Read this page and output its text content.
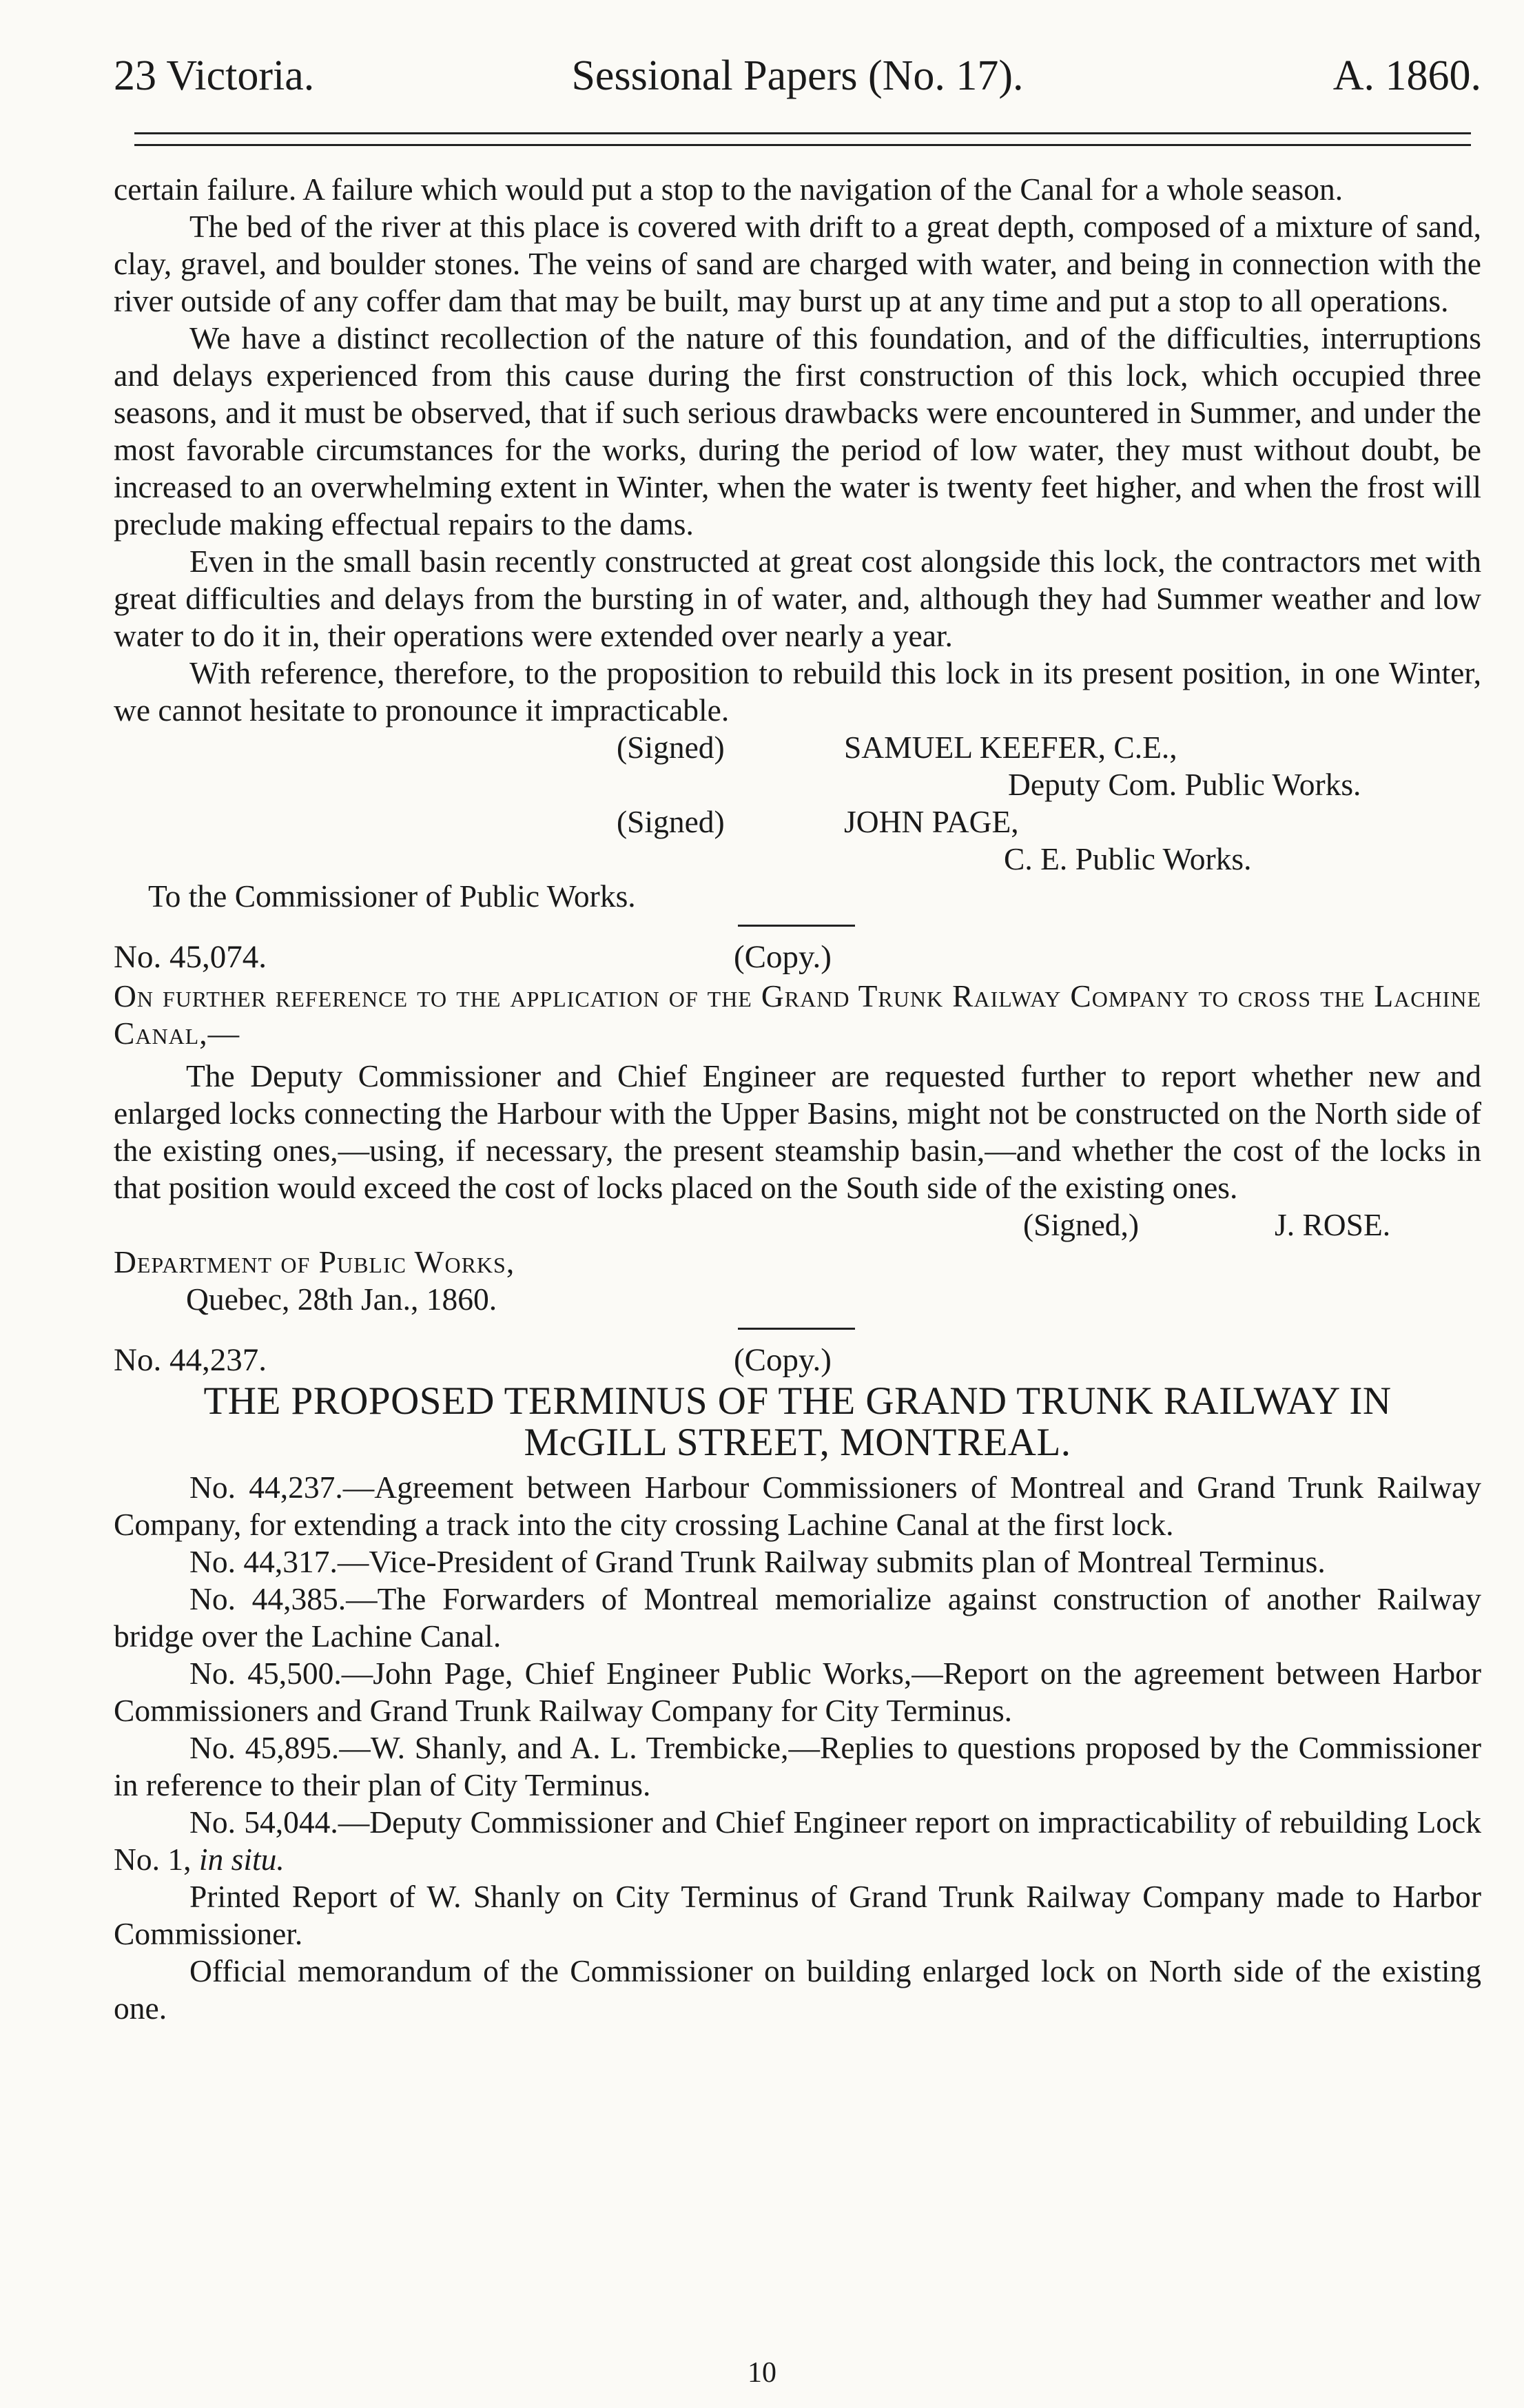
23 Victoria.	Sessional Papers (No. 17).	A. 1860.

certain failure. A failure which would put a stop to the navigation of the Canal for a whole season.

The bed of the river at this place is covered with drift to a great depth, composed of a mixture of sand, clay, gravel, and boulder stones. The veins of sand are charged with water, and being in connection with the river outside of any coffer dam that may be built, may burst up at any time and put a stop to all operations.

We have a distinct recollection of the nature of this foundation, and of the difficulties, interruptions and delays experienced from this cause during the first construction of this lock, which occupied three seasons, and it must be observed, that if such serious drawbacks were encountered in Summer, and under the most favorable circumstances for the works, during the period of low water, they must without doubt, be increased to an overwhelming extent in Winter, when the water is twenty feet higher, and when the frost will preclude making effectual repairs to the dams.

Even in the small basin recently constructed at great cost alongside this lock, the contractors met with great difficulties and delays from the bursting in of water, and, although they had Summer weather and low water to do it in, their operations were extended over nearly a year.

With reference, therefore, to the proposition to rebuild this lock in its present position, in one Winter, we cannot hesitate to pronounce it impracticable.

(Signed)	SAMUEL KEEFER, C.E.,
Deputy Com. Public Works.
(Signed)	JOHN PAGE,
C. E. Public Works.
To the Commissioner of Public Works.
No. 45,074.	(Copy.)

On further reference to the application of the Grand Trunk Railway Company to cross the Lachine Canal,—

The Deputy Commissioner and Chief Engineer are requested further to report whether new and enlarged locks connecting the Harbour with the Upper Basins, might not be constructed on the North side of the existing ones,—using, if necessary, the present steamship basin,—and whether the cost of the locks in that position would exceed the cost of locks placed on the South side of the existing ones.

(Signed,)	J. ROSE.
Department of Public Works,
Quebec, 28th Jan., 1860.
No. 44,237.	(Copy.)
THE PROPOSED TERMINUS OF THE GRAND TRUNK RAILWAY IN
McGILL STREET, MONTREAL.

No. 44,237.—Agreement between Harbour Commissioners of Montreal and Grand Trunk Railway Company, for extending a track into the city crossing Lachine Canal at the first lock.

No. 44,317.—Vice-President of Grand Trunk Railway submits plan of Montreal Terminus.

No. 44,385.—The Forwarders of Montreal memorialize against construction of another Railway bridge over the Lachine Canal.

No. 45,500.—John Page, Chief Engineer Public Works,—Report on the agreement between Harbor Commissioners and Grand Trunk Railway Company for City Terminus.

No. 45,895.—W. Shanly, and A. L. Trembicke,—Replies to questions proposed by the Commissioner in reference to their plan of City Terminus.

No. 54,044.—Deputy Commissioner and Chief Engineer report on impracticability of rebuilding Lock No. 1, in situ.

Printed Report of W. Shanly on City Terminus of Grand Trunk Railway Company made to Harbor Commissioner.

Official memorandum of the Commissioner on building enlarged lock on North side of the existing one.

10
